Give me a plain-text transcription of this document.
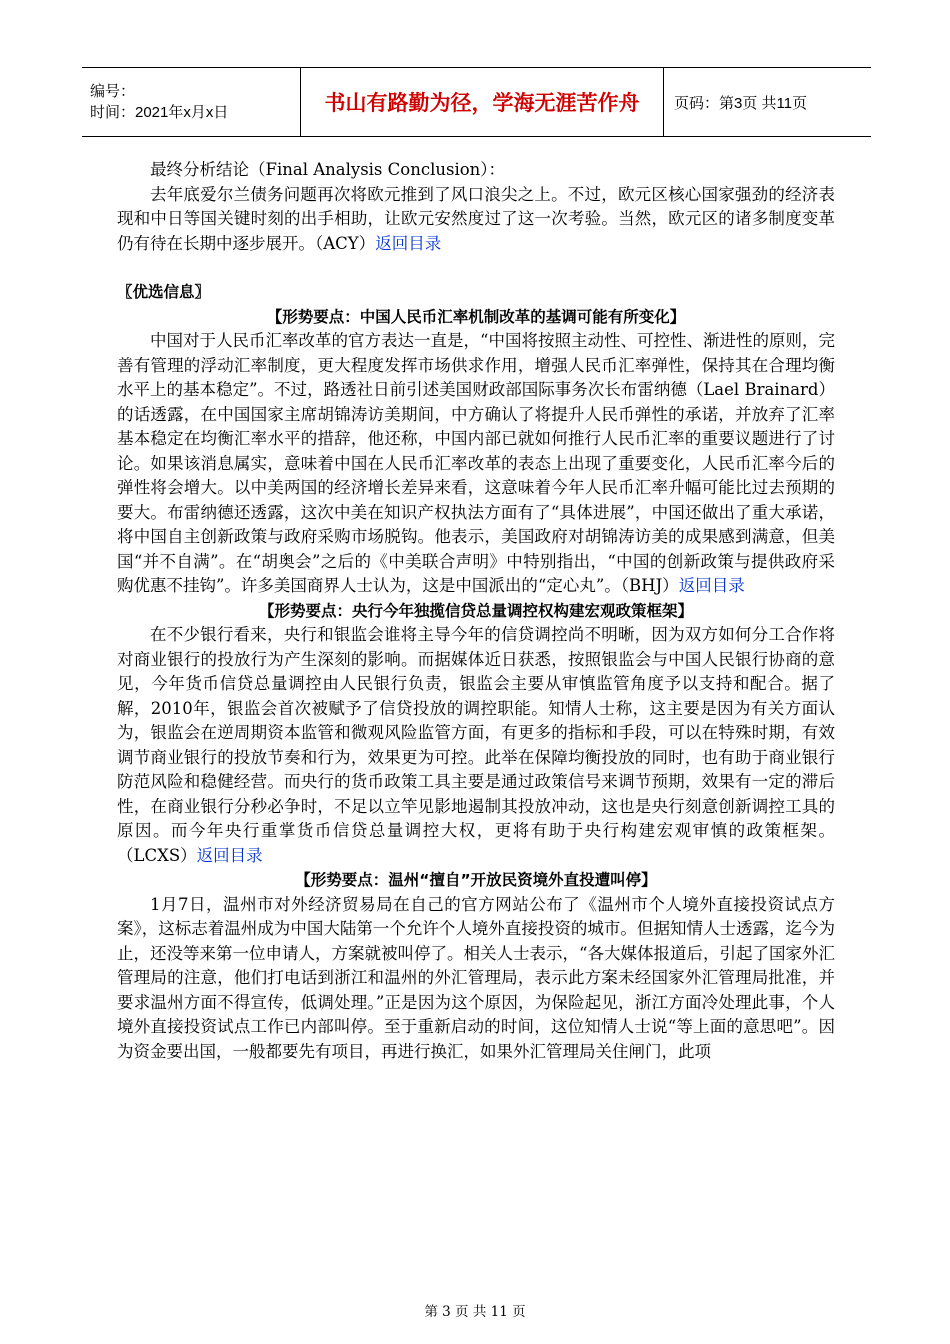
编号：
时间：2021年x月x日	书山有路勤为径，学海无涯苦作舟	页码：第3页 共11页

最终分析结论（Final Analysis Conclusion）：

去年底爱尔兰债务问题再次将欧元推到了风口浪尖之上。不过，欧元区核心国家强劲的经济表现和中日等国关键时刻的出手相助，让欧元安然度过了这一次考验。当然，欧元区的诸多制度变革仍有待在长期中逐步展开。（ACY）返回目录

〖优选信息〗

【形势要点：中国人民币汇率机制改革的基调可能有所变化】

中国对于人民币汇率改革的官方表达一直是，“中国将按照主动性、可控性、渐进性的原则，完善有管理的浮动汇率制度，更大程度发挥市场供求作用，增强人民币汇率弹性，保持其在合理均衡水平上的基本稳定”。不过，路透社日前引述美国财政部国际事务次长布雷纳德（Lael Brainard）的话透露，在中国国家主席胡锦涛访美期间，中方确认了将提升人民币弹性的承诺，并放弃了汇率基本稳定在均衡汇率水平的措辞，他还称，中国内部已就如何推行人民币汇率的重要议题进行了讨论。如果该消息属实，意味着中国在人民币汇率改革的表态上出现了重要变化，人民币汇率今后的弹性将会增大。以中美两国的经济增长差异来看，这意味着今年人民币汇率升幅可能比过去预期的要大。布雷纳德还透露，这次中美在知识产权执法方面有了“具体进展”，中国还做出了重大承诺，将中国自主创新政策与政府采购市场脱钩。他表示，美国政府对胡锦涛访美的成果感到满意，但美国“并不自满”。在“胡奥会”之后的《中美联合声明》中特别指出，“中国的创新政策与提供政府采购优惠不挂钩”。许多美国商界人士认为，这是中国派出的“定心丸”。（BHJ）返回目录

【形势要点：央行今年独揽信贷总量调控权构建宏观政策框架】

在不少银行看来，央行和银监会谁将主导今年的信贷调控尚不明晰，因为双方如何分工合作将对商业银行的投放行为产生深刻的影响。而据媒体近日获悉，按照银监会与中国人民银行协商的意见，今年货币信贷总量调控由人民银行负责，银监会主要从审慎监管角度予以支持和配合。据了解，2010年，银监会首次被赋予了信贷投放的调控职能。知情人士称，这主要是因为有关方面认为，银监会在逆周期资本监管和微观风险监管方面，有更多的指标和手段，可以在特殊时期，有效调节商业银行的投放节奏和行为，效果更为可控。此举在保障均衡投放的同时，也有助于商业银行防范风险和稳健经营。而央行的货币政策工具主要是通过政策信号来调节预期，效果有一定的滞后性，在商业银行分秒必争时，不足以立竿见影地遏制其投放冲动，这也是央行刻意创新调控工具的原因。而今年央行重掌货币信贷总量调控大权，更将有助于央行构建宏观审慎的政策框架。（LCXS）返回目录

【形势要点：温州“擅自”开放民资境外直投遭叫停】

1月7日，温州市对外经济贸易局在自己的官方网站公布了《温州市个人境外直接投资试点方案》，这标志着温州成为中国大陆第一个允许个人境外直接投资的城市。但据知情人士透露，迄今为止，还没等来第一位申请人，方案就被叫停了。相关人士表示，“各大媒体报道后，引起了国家外汇管理局的注意，他们打电话到浙江和温州的外汇管理局，表示此方案未经国家外汇管理局批准，并要求温州方面不得宣传，低调处理。”正是因为这个原因，为保险起见，浙江方面冷处理此事，个人境外直接投资试点工作已内部叫停。至于重新启动的时间，这位知情人士说“等上面的意思吧”。因为资金要出国，一般都要先有项目，再进行换汇，如果外汇管理局关住闸门，此项

第 3 页 共 11 页
